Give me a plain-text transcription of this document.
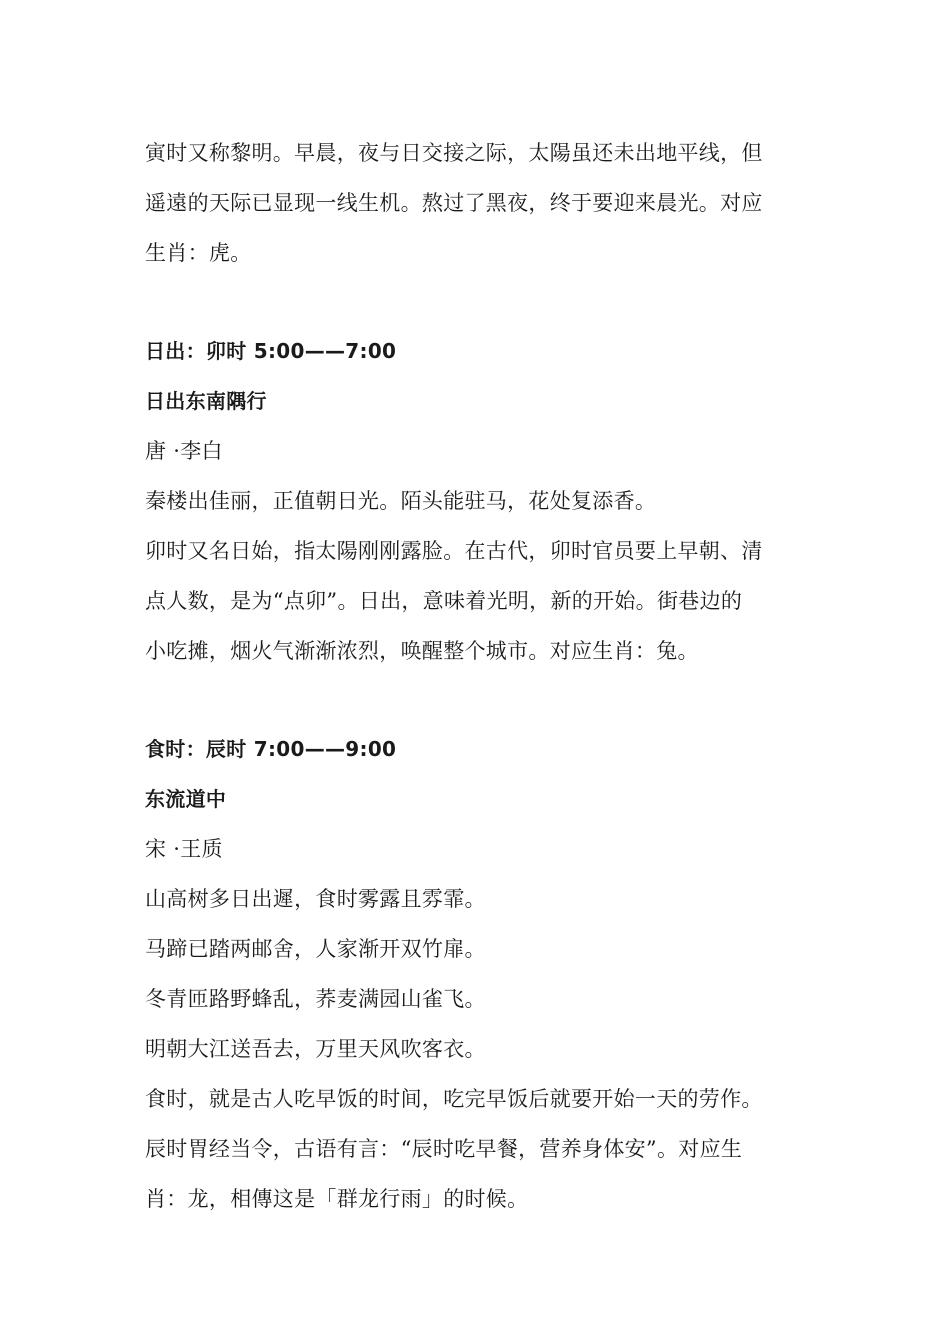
寅时又称黎明。早晨，夜与日交接之际，太陽虽还未出地平线，但
遥遠的天际已显现一线生机。熬过了黑夜，终于要迎来晨光。对应
生肖：虎。
日出：卯时 5:00——7:00
日出东南隅行
唐 ·李白
秦楼出佳丽，正值朝日光。陌头能驻马，花处复添香。
卯时又名日始，指太陽刚刚露脸。在古代，卯时官员要上早朝、清
点人数，是为“点卯”。日出，意味着光明，新的开始。街巷边的
小吃摊，烟火气渐渐浓烈，唤醒整个城市。对应生肖：兔。
食时：辰时 7:00——9:00
东流道中
宋 ·王质
山高树多日出遲，食时雾露且雰霏。
马蹄已踏两邮舍，人家渐开双竹扉。
冬青匝路野蜂乱，荞麦满园山雀飞。
明朝大江送吾去，万里天风吹客衣。
食时，就是古人吃早饭的时间，吃完早饭后就要开始一天的劳作。
辰时胃经当令，古语有言：“辰时吃早餐，营养身体安”。对应生
肖：龙，相傳这是「群龙行雨」的时候。
